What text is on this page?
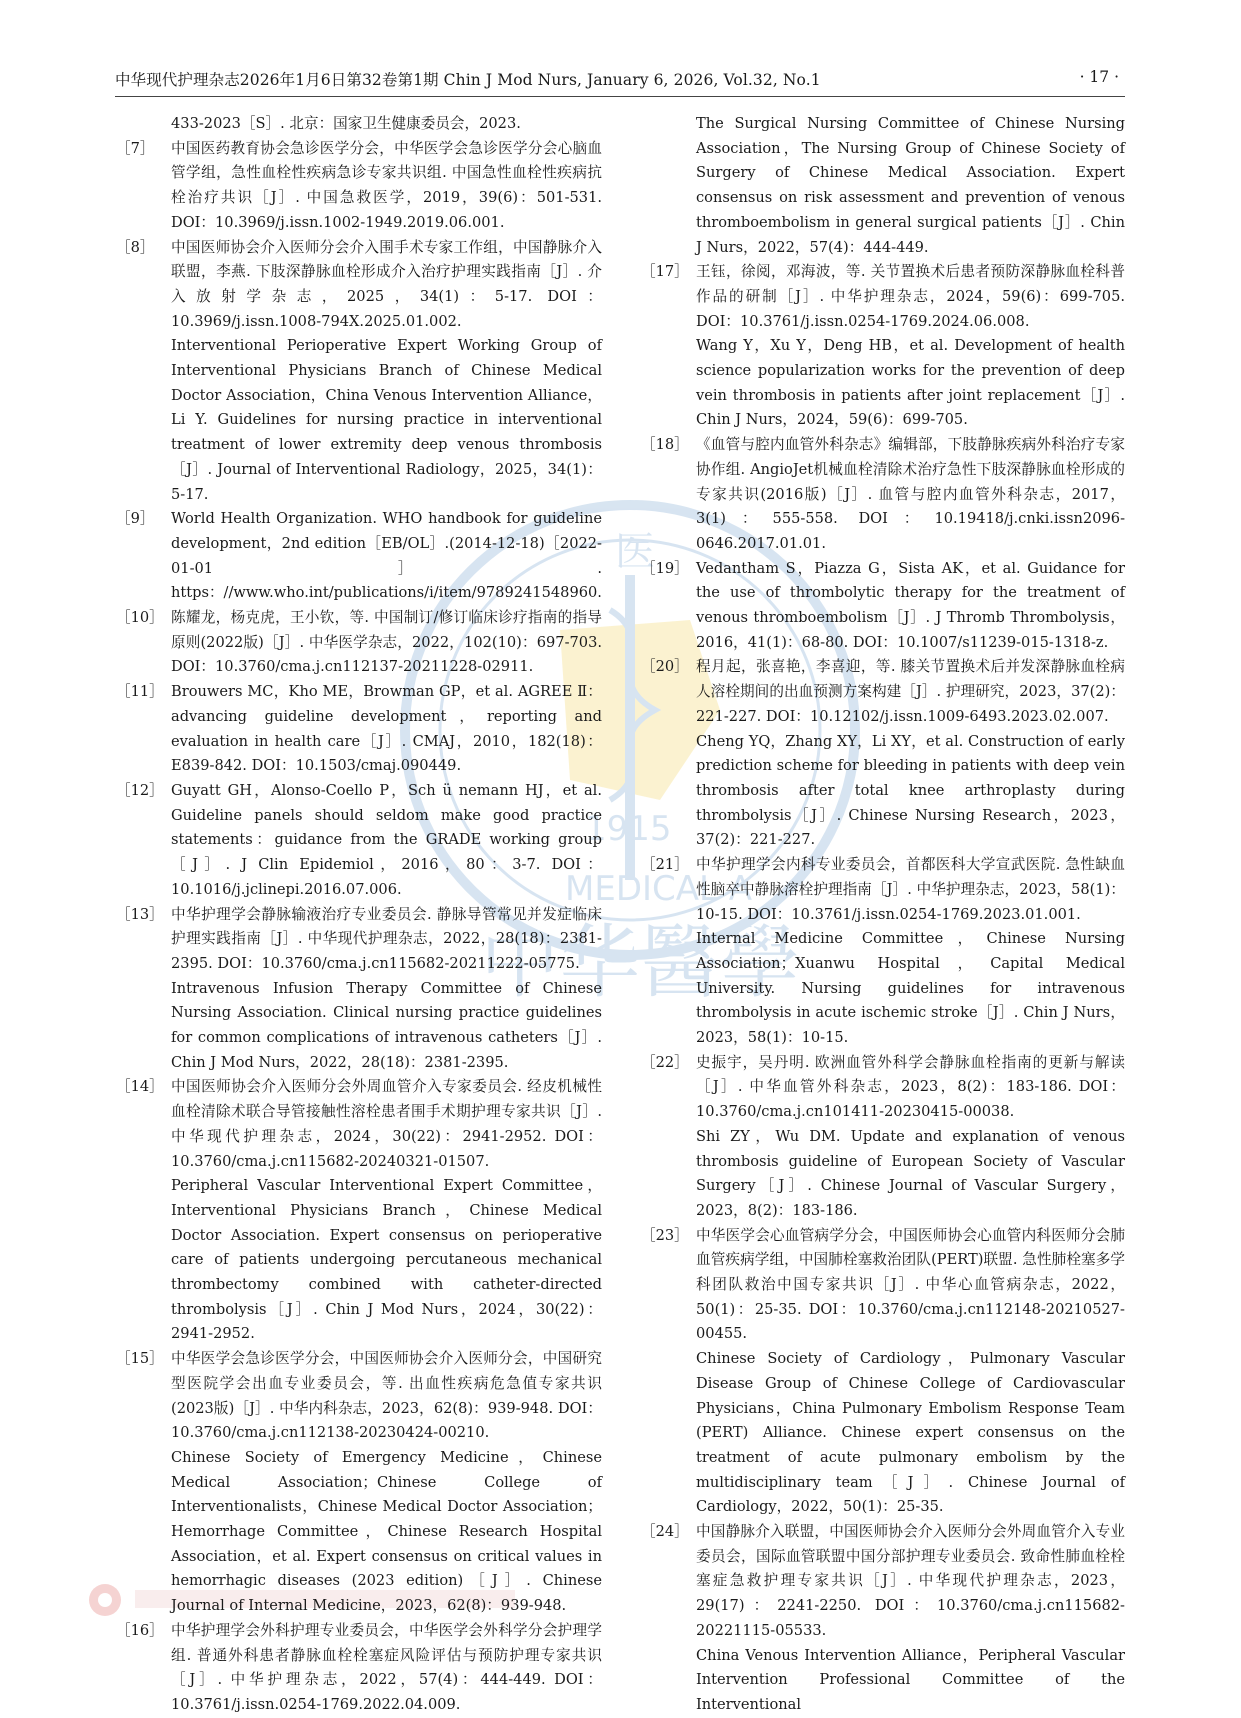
中华现代护理杂志2026年1月6日第32卷第1期 Chin J Mod Nurs, January 6, 2026, Vol.32, No.1	· 17 ·
医
1915
MEDICAL A
中华醫學

433-2023［S］. 北京：国家卫生健康委员会，2023.

［7］	中国医药教育协会急诊医学分会，中华医学会急诊医学分会心脑血管学组，急性血栓性疾病急诊专家共识组. 中国急性血栓性疾病抗栓治疗共识［J］. 中国急救医学，2019，39(6)：501-531. DOI：10.3969/j.issn.1002-1949.2019.06.001.

［8］	中国医师协会介入医师分会介入围手术专家工作组，中国静脉介入联盟，李燕. 下肢深静脉血栓形成介入治疗护理实践指南［J］. 介入放射学杂志，2025，34(1)：5-17. DOI：10.3969/j.issn.1008-794X.2025.01.002.

Interventional Perioperative Expert Working Group of Interventional Physicians Branch of Chinese Medical Doctor Association，China Venous Intervention Alliance，Li Y. Guidelines for nursing practice in interventional treatment of lower extremity deep venous thrombosis［J］. Journal of Interventional Radiology，2025，34(1)：5-17.

［9］	World Health Organization. WHO handbook for guideline development，2nd edition［EB/OL］.(2014-12-18)［2022-01-01］. https：//www.who.int/publications/i/item/9789241548960.

［10］ 陈耀龙，杨克虎，王小钦，等. 中国制订/修订临床诊疗指南的指导原则(2022版)［J］. 中华医学杂志，2022，102(10)：697-703. DOI：10.3760/cma.j.cn112137-20211228-02911.

［11］ Brouwers MC，Kho ME，Browman GP，et al. AGREE Ⅱ：advancing guideline development，reporting and evaluation in health care［J］. CMAJ，2010，182(18)：E839-842. DOI：10.1503/cmaj.090449.

［12］ Guyatt GH，Alonso-Coello P，Sch ü nemann HJ，et al. Guideline panels should seldom make good practice statements：guidance from the GRADE working group［J］. J Clin Epidemiol，2016，80：3-7. DOI：10.1016/j.jclinepi.2016.07.006.

［13］ 中华护理学会静脉输液治疗专业委员会. 静脉导管常见并发症临床护理实践指南［J］. 中华现代护理杂志，2022，28(18)：2381-2395. DOI：10.3760/cma.j.cn115682-20211222-05775.

Intravenous Infusion Therapy Committee of Chinese Nursing Association. Clinical nursing practice guidelines for common complications of intravenous catheters［J］. Chin J Mod Nurs，2022，28(18)：2381-2395.

［14］ 中国医师协会介入医师分会外周血管介入专家委员会. 经皮机械性血栓清除术联合导管接触性溶栓患者围手术期护理专家共识［J］. 中华现代护理杂志，2024，30(22)：2941-2952. DOI：10.3760/cma.j.cn115682-20240321-01507.

Peripheral Vascular Interventional Expert Committee，Interventional Physicians Branch，Chinese Medical Doctor Association. Expert consensus on perioperative care of patients undergoing percutaneous mechanical thrombectomy combined with catheter-directed thrombolysis［J］. Chin J Mod Nurs，2024，30(22)：2941-2952.

［15］ 中华医学会急诊医学分会，中国医师协会介入医师分会，中国研究型医院学会出血专业委员会，等. 出血性疾病危急值专家共识(2023版)［J］. 中华内科杂志，2023，62(8)：939-948. DOI：10.3760/cma.j.cn112138-20230424-00210.

Chinese Society of Emergency Medicine，Chinese Medical Association；Chinese College of Interventionalists，Chinese Medical Doctor Association；Hemorrhage Committee，Chinese Research Hospital Association，et al. Expert consensus on critical values in hemorrhagic diseases (2023 edition)［J］. Chinese Journal of Internal Medicine，2023，62(8)：939-948.

［16］ 中华护理学会外科护理专业委员会，中华医学会外科学分会护理学组. 普通外科患者静脉血栓栓塞症风险评估与预防护理专家共识［J］. 中华护理杂志，2022，57(4)：444-449. DOI：10.3761/j.issn.0254-1769.2022.04.009.

The Surgical Nursing Committee of Chinese Nursing Association，The Nursing Group of Chinese Society of Surgery of Chinese Medical Association. Expert consensus on risk assessment and prevention of venous thromboembolism in general surgical patients［J］. Chin J Nurs，2022，57(4)：444-449.

［17］ 王钰，徐阅，邓海波，等. 关节置换术后患者预防深静脉血栓科普作品的研制［J］. 中华护理杂志，2024，59(6)：699-705. DOI：10.3761/j.issn.0254-1769.2024.06.008.

Wang Y，Xu Y，Deng HB，et al. Development of health science popularization works for the prevention of deep vein thrombosis in patients after joint replacement［J］. Chin J Nurs，2024，59(6)：699-705.

［18］ 《血管与腔内血管外科杂志》编辑部，下肢静脉疾病外科治疗专家协作组. AngioJet机械血栓清除术治疗急性下肢深静脉血栓形成的专家共识(2016版)［J］. 血管与腔内血管外科杂志，2017，3(1)：555-558. DOI：10.19418/j.cnki.issn2096-0646.2017.01.01.

［19］ Vedantham S，Piazza G，Sista AK，et al. Guidance for the use of thrombolytic therapy for the treatment of venous thromboembolism［J］. J Thromb Thrombolysis，2016，41(1)：68-80. DOI：10.1007/s11239-015-1318-z.

［20］ 程月起，张喜艳，李喜迎，等. 膝关节置换术后并发深静脉血栓病人溶栓期间的出血预测方案构建［J］. 护理研究，2023，37(2)：221-227. DOI：10.12102/j.issn.1009-6493.2023.02.007.

Cheng YQ，Zhang XY，Li XY，et al. Construction of early prediction scheme for bleeding in patients with deep vein thrombosis after total knee arthroplasty during thrombolysis［J］. Chinese Nursing Research，2023，37(2)：221-227.

［21］ 中华护理学会内科专业委员会，首都医科大学宣武医院. 急性缺血性脑卒中静脉溶栓护理指南［J］. 中华护理杂志，2023，58(1)：10-15. DOI：10.3761/j.issn.0254-1769.2023.01.001.

Internal Medicine Committee，Chinese Nursing Association；Xuanwu Hospital，Capital Medical University. Nursing guidelines for intravenous thrombolysis in acute ischemic stroke［J］. Chin J Nurs，2023，58(1)：10-15.

［22］ 史振宇，吴丹明. 欧洲血管外科学会静脉血栓指南的更新与解读［J］. 中华血管外科杂志，2023，8(2)：183-186. DOI：10.3760/cma.j.cn101411-20230415-00038.

Shi ZY，Wu DM. Update and explanation of venous thrombosis guideline of European Society of Vascular Surgery［J］. Chinese Journal of Vascular Surgery，2023，8(2)：183-186.

［23］ 中华医学会心血管病学分会，中国医师协会心血管内科医师分会肺血管疾病学组，中国肺栓塞救治团队(PERT)联盟. 急性肺栓塞多学科团队救治中国专家共识［J］. 中华心血管病杂志，2022，50(1)：25-35. DOI：10.3760/cma.j.cn112148-20210527-00455.

Chinese Society of Cardiology，Pulmonary Vascular Disease Group of Chinese College of Cardiovascular Physicians，China Pulmonary Embolism Response Team (PERT) Alliance. Chinese expert consensus on the treatment of acute pulmonary embolism by the multidisciplinary team［J］. Chinese Journal of Cardiology，2022，50(1)：25-35.

［24］ 中国静脉介入联盟，中国医师协会介入医师分会外周血管介入专业委员会，国际血管联盟中国分部护理专业委员会. 致命性肺血栓栓塞症急救护理专家共识［J］. 中华现代护理杂志，2023，29(17)：2241-2250. DOI：10.3760/cma.j.cn115682-20221115-05533.

China Venous Intervention Alliance，Peripheral Vascular Intervention Professional Committee of the Interventional
